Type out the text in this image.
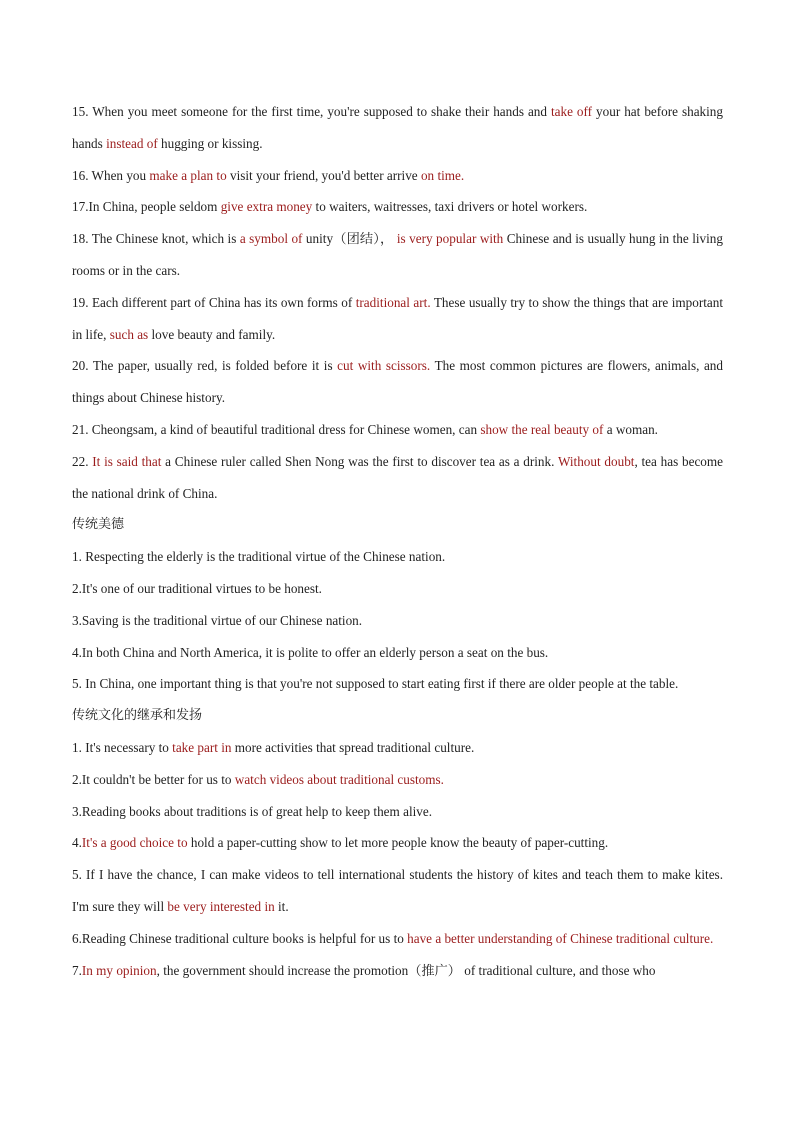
15. When you meet someone for the first time, you're supposed to shake their hands and take off your hat before shaking hands instead of hugging or kissing.

16. When you make a plan to visit your friend, you'd better arrive on time.

17.In China, people seldom give extra money to waiters, waitresses, taxi drivers or hotel workers.

18. The Chinese knot, which is a symbol of unity（团结）， is very popular with Chinese and is usually hung in the living rooms or in the cars.

19. Each different part of China has its own forms of traditional art. These usually try to show the things that are important in life, such as love beauty and family.

20. The paper, usually red, is folded before it is cut with scissors. The most common pictures are flowers, animals, and things about Chinese history.

21. Cheongsam, a kind of beautiful traditional dress for Chinese women, can show the real beauty of a woman.

22. It is said that a Chinese ruler called Shen Nong was the first to discover tea as a drink. Without doubt, tea has become the national drink of China.

传统美德

1. Respecting the elderly is the traditional virtue of the Chinese nation.

2.It's one of our traditional virtues to be honest.

3.Saving is the traditional virtue of our Chinese nation.

4.In both China and North America, it is polite to offer an elderly person a seat on the bus.

5. In China, one important thing is that you're not supposed to start eating first if there are older people at the table.

传统文化的继承和发扬

1. It's necessary to take part in more activities that spread traditional culture.

2.It couldn't be better for us to watch videos about traditional customs.

3.Reading books about traditions is of great help to keep them alive.

4.It's a good choice to hold a paper-cutting show to let more people know the beauty of paper-cutting.

5. If I have the chance, I can make videos to tell international students the history of kites and teach them to make kites. I'm sure they will be very interested in it.

6.Reading Chinese traditional culture books is helpful for us to have a better understanding of Chinese traditional culture.

7.In my opinion, the government should increase the promotion（推广） of traditional culture, and those who
